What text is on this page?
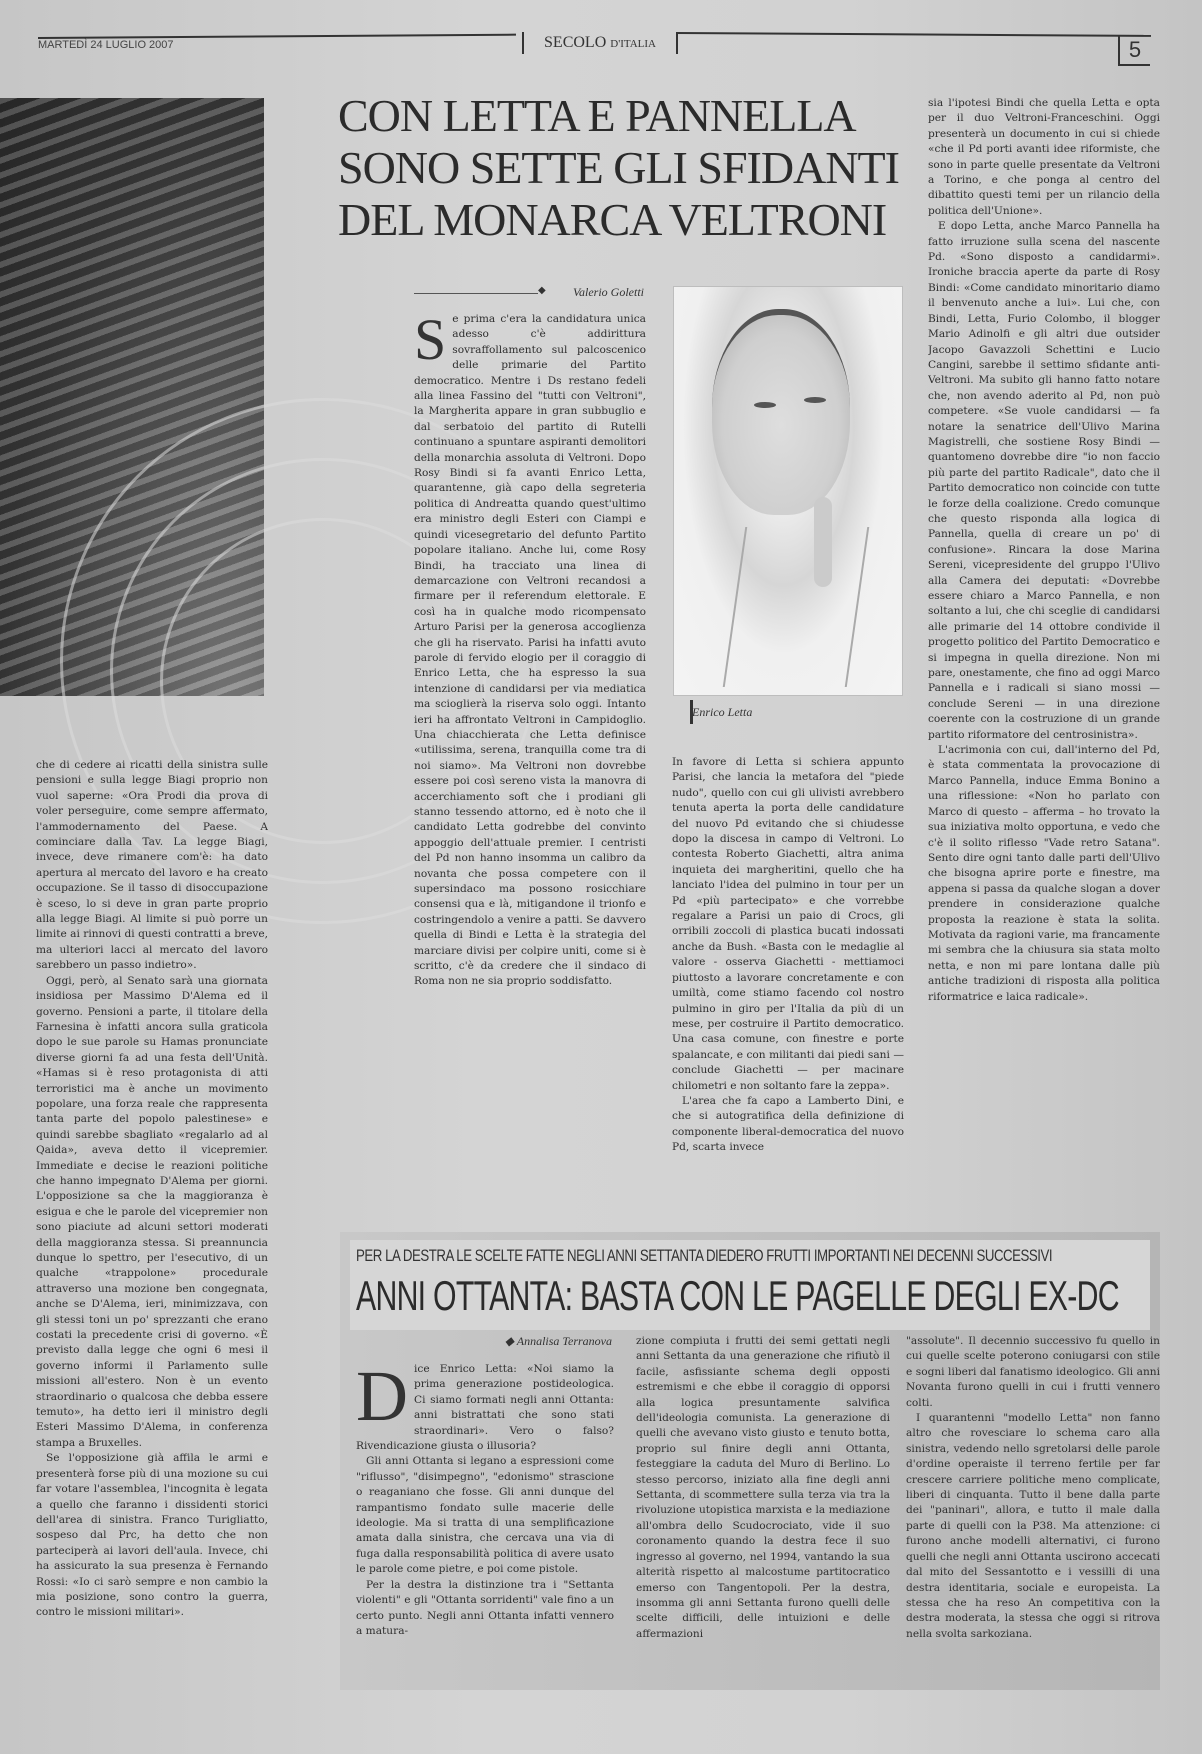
MARTEDÌ 24 LUGLIO 2007	SECOLO D'ITALIA	5
CON LETTA E PANNELLA SONO SETTE GLI SFIDANTI DEL MONARCA VELTRONI
◆ Valerio Goletti

Se prima c'era la candidatura unica adesso c'è addirittura sovraffollamento sul palcoscenico delle primarie del Partito democratico. Mentre i Ds restano fedeli alla linea Fassino del "tutti con Veltroni", la Margherita appare in gran subbuglio e dal serbatoio del partito di Rutelli continuano a spuntare aspiranti demolitori della monarchia assoluta di Veltroni. Dopo Rosy Bindi si fa avanti Enrico Letta, quarantenne, già capo della segreteria politica di Andreatta quando quest'ultimo era ministro degli Esteri con Ciampi e quindi vicesegretario del defunto Partito popolare italiano. Anche lui, come Rosy Bindi, ha tracciato una linea di demarcazione con Veltroni recandosi a firmare per il referendum elettorale. E così ha in qualche modo ricompensato Arturo Parisi per la generosa accoglienza che gli ha riservato. Parisi ha infatti avuto parole di fervido elogio per il coraggio di Enrico Letta, che ha espresso la sua intenzione di candidarsi per via mediatica ma scioglierà la riserva solo oggi. Intanto ieri ha affrontato Veltroni in Campidoglio. Una chiacchierata che Letta definisce «utilissima, serena, tranquilla come tra di noi siamo». Ma Veltroni non dovrebbe essere poi così sereno vista la manovra di accerchiamento soft che i prodiani gli stanno tessendo attorno, ed è noto che il candidato Letta godrebbe del convinto appoggio dell'attuale premier. I centristi del Pd non hanno insomma un calibro da novanta che possa competere con il supersindaco ma possono rosicchiare consensi qua e là, mitigandone il trionfo e costringendolo a venire a patti. Se davvero quella di Bindi e Letta è la strategia del marciare divisi per colpire uniti, come si è scritto, c'è da credere che il sindaco di Roma non ne sia proprio soddisfatto.

Enrico Letta

In favore di Letta si schiera appunto Parisi, che lancia la metafora del "piede nudo", quello con cui gli ulivisti avrebbero tenuta aperta la porta delle candidature del nuovo Pd evitando che si chiudesse dopo la discesa in campo di Veltroni. Lo contesta Roberto Giachetti, altra anima inquieta dei margheritini, quello che ha lanciato l'idea del pulmino in tour per un Pd «più partecipato» e che vorrebbe regalare a Parisi un paio di Crocs, gli orribili zoccoli di plastica bucati indossati anche da Bush. «Basta con le medaglie al valore - osserva Giachetti - mettiamoci piuttosto a lavorare concretamente e con umiltà, come stiamo facendo col nostro pulmino in giro per l'Italia da più di un mese, per costruire il Partito democratico. Una casa comune, con finestre e porte spalancate, e con militanti dai piedi sani — conclude Giachetti — per macinare chilometri e non soltanto fare la zeppa».

L'area che fa capo a Lamberto Dini, e che si autogratifica della definizione di componente liberal-democratica del nuovo Pd, scarta invece

sia l'ipotesi Bindi che quella Letta e opta per il duo Veltroni-Franceschini. Oggi presenterà un documento in cui si chiede «che il Pd porti avanti idee riformiste, che sono in parte quelle presentate da Veltroni a Torino, e che ponga al centro del dibattito questi temi per un rilancio della politica dell'Unione».

E dopo Letta, anche Marco Pannella ha fatto irruzione sulla scena del nascente Pd. «Sono disposto a candidarmi». Ironiche braccia aperte da parte di Rosy Bindi: «Come candidato minoritario diamo il benvenuto anche a lui». Lui che, con Bindi, Letta, Furio Colombo, il blogger Mario Adinolfi e gli altri due outsider Jacopo Gavazzoli Schettini e Lucio Cangini, sarebbe il settimo sfidante anti-Veltroni. Ma subito gli hanno fatto notare che, non avendo aderito al Pd, non può competere. «Se vuole candidarsi — fa notare la senatrice dell'Ulivo Marina Magistrelli, che sostiene Rosy Bindi — quantomeno dovrebbe dire "io non faccio più parte del partito Radicale", dato che il Partito democratico non coincide con tutte le forze della coalizione. Credo comunque che questo risponda alla logica di Pannella, quella di creare un po' di confusione». Rincara la dose Marina Sereni, vicepresidente del gruppo l'Ulivo alla Camera dei deputati: «Dovrebbe essere chiaro a Marco Pannella, e non soltanto a lui, che chi sceglie di candidarsi alle primarie del 14 ottobre condivide il progetto politico del Partito Democratico e si impegna in quella direzione. Non mi pare, onestamente, che fino ad oggi Marco Pannella e i radicali si siano mossi — conclude Sereni — in una direzione coerente con la costruzione di un grande partito riformatore del centrosinistra».

L'acrimonia con cui, dall'interno del Pd, è stata commentata la provocazione di Marco Pannella, induce Emma Bonino a una riflessione: «Non ho parlato con Marco di questo – afferma – ho trovato la sua iniziativa molto opportuna, e vedo che c'è il solito riflesso "Vade retro Satana". Sento dire ogni tanto dalle parti dell'Ulivo che bisogna aprire porte e finestre, ma appena si passa da qualche slogan a dover prendere in considerazione qualche proposta la reazione è stata la solita. Motivata da ragioni varie, ma francamente mi sembra che la chiusura sia stata molto netta, e non mi pare lontana dalle più antiche tradizioni di risposta alla politica riformatrice e laica radicale».

che di cedere ai ricatti della sinistra sulle pensioni e sulla legge Biagi proprio non vuol saperne: «Ora Prodi dia prova di voler perseguire, come sempre affermato, l'ammodernamento del Paese. A cominciare dalla Tav. La legge Biagi, invece, deve rimanere com'è: ha dato apertura al mercato del lavoro e ha creato occupazione. Se il tasso di disoccupazione è sceso, lo si deve in gran parte proprio alla legge Biagi. Al limite si può porre un limite ai rinnovi di questi contratti a breve, ma ulteriori lacci al mercato del lavoro sarebbero un passo indietro».

Oggi, però, al Senato sarà una giornata insidiosa per Massimo D'Alema ed il governo. Pensioni a parte, il titolare della Farnesina è infatti ancora sulla graticola dopo le sue parole su Hamas pronunciate diverse giorni fa ad una festa dell'Unità. «Hamas si è reso protagonista di atti terroristici ma è anche un movimento popolare, una forza reale che rappresenta tanta parte del popolo palestinese» e quindi sarebbe sbagliato «regalarlo ad al Qaida», aveva detto il vicepremier. Immediate e decise le reazioni politiche che hanno impegnato D'Alema per giorni. L'opposizione sa che la maggioranza è esigua e che le parole del vicepremier non sono piaciute ad alcuni settori moderati della maggioranza stessa. Si preannuncia dunque lo spettro, per l'esecutivo, di un qualche «trappolone» procedurale attraverso una mozione ben congegnata, anche se D'Alema, ieri, minimizzava, con gli stessi toni un po' sprezzanti che erano costati la precedente crisi di governo. «È previsto dalla legge che ogni 6 mesi il governo informi il Parlamento sulle missioni all'estero. Non è un evento straordinario o qualcosa che debba essere temuto», ha detto ieri il ministro degli Esteri Massimo D'Alema, in conferenza stampa a Bruxelles.

Se l'opposizione già affila le armi e presenterà forse più di una mozione su cui far votare l'assemblea, l'incognita è legata a quello che faranno i dissidenti storici dell'area di sinistra. Franco Turigliatto, sospeso dal Prc, ha detto che non parteciperà ai lavori dell'aula. Invece, chi ha assicurato la sua presenza è Fernando Rossi: «Io ci sarò sempre e non cambio la mia posizione, sono contro la guerra, contro le missioni militari».

PER LA DESTRA LE SCELTE FATTE NEGLI ANNI SETTANTA DIEDERO FRUTTI IMPORTANTI NEI DECENNI SUCCESSIVI
ANNI OTTANTA: BASTA CON LE PAGELLE DEGLI EX-DC
◆ Annalisa Terranova

Dice Enrico Letta: «Noi siamo la prima generazione postideologica. Ci siamo formati negli anni Ottanta: anni bistrattati che sono stati straordinari». Vero o falso? Rivendicazione giusta o illusoria?

Gli anni Ottanta si legano a espressioni come "riflusso", "disimpegno", "edonismo" strascione o reaganiano che fosse. Gli anni dunque del rampantismo fondato sulle macerie delle ideologie. Ma si tratta di una semplificazione amata dalla sinistra, che cercava una via di fuga dalla responsabilità politica di avere usato le parole come pietre, e poi come pistole.

Per la destra la distinzione tra i "Settanta violenti" e gli "Ottanta sorridenti" vale fino a un certo punto. Negli anni Ottanta infatti vennero a matura-

zione compiuta i frutti dei semi gettati negli anni Settanta da una generazione che rifiutò il facile, asfissiante schema degli opposti estremismi e che ebbe il coraggio di opporsi alla logica presuntamente salvifica dell'ideologia comunista. La generazione di quelli che avevano visto giusto e tenuto botta, proprio sul finire degli anni Ottanta, festeggiare la caduta del Muro di Berlino. Lo stesso percorso, iniziato alla fine degli anni Settanta, di scommettere sulla terza via tra la rivoluzione utopistica marxista e la mediazione all'ombra dello Scudocrociato, vide il suo coronamento quando la destra fece il suo ingresso al governo, nel 1994, vantando la sua alterità rispetto al malcostume partitocratico emerso con Tangentopoli. Per la destra, insomma gli anni Settanta furono quelli delle scelte difficili, delle intuizioni e delle affermazioni

"assolute". Il decennio successivo fu quello in cui quelle scelte poterono coniugarsi con stile e sogni liberi dal fanatismo ideologico. Gli anni Novanta furono quelli in cui i frutti vennero colti.

I quarantenni "modello Letta" non fanno altro che rovesciare lo schema caro alla sinistra, vedendo nello sgretolarsi delle parole d'ordine operaiste il terreno fertile per far crescere carriere politiche meno complicate, liberi di cinquanta. Tutto il bene dalla parte dei "paninari", allora, e tutto il male dalla parte di quelli con la P38. Ma attenzione: ci furono anche modelli alternativi, ci furono quelli che negli anni Ottanta uscirono accecati dal mito del Sessantotto e i vessilli di una destra identitaria, sociale e europeista. La stessa che ha reso An competitiva con la destra moderata, la stessa che oggi si ritrova nella svolta sarkoziana.
